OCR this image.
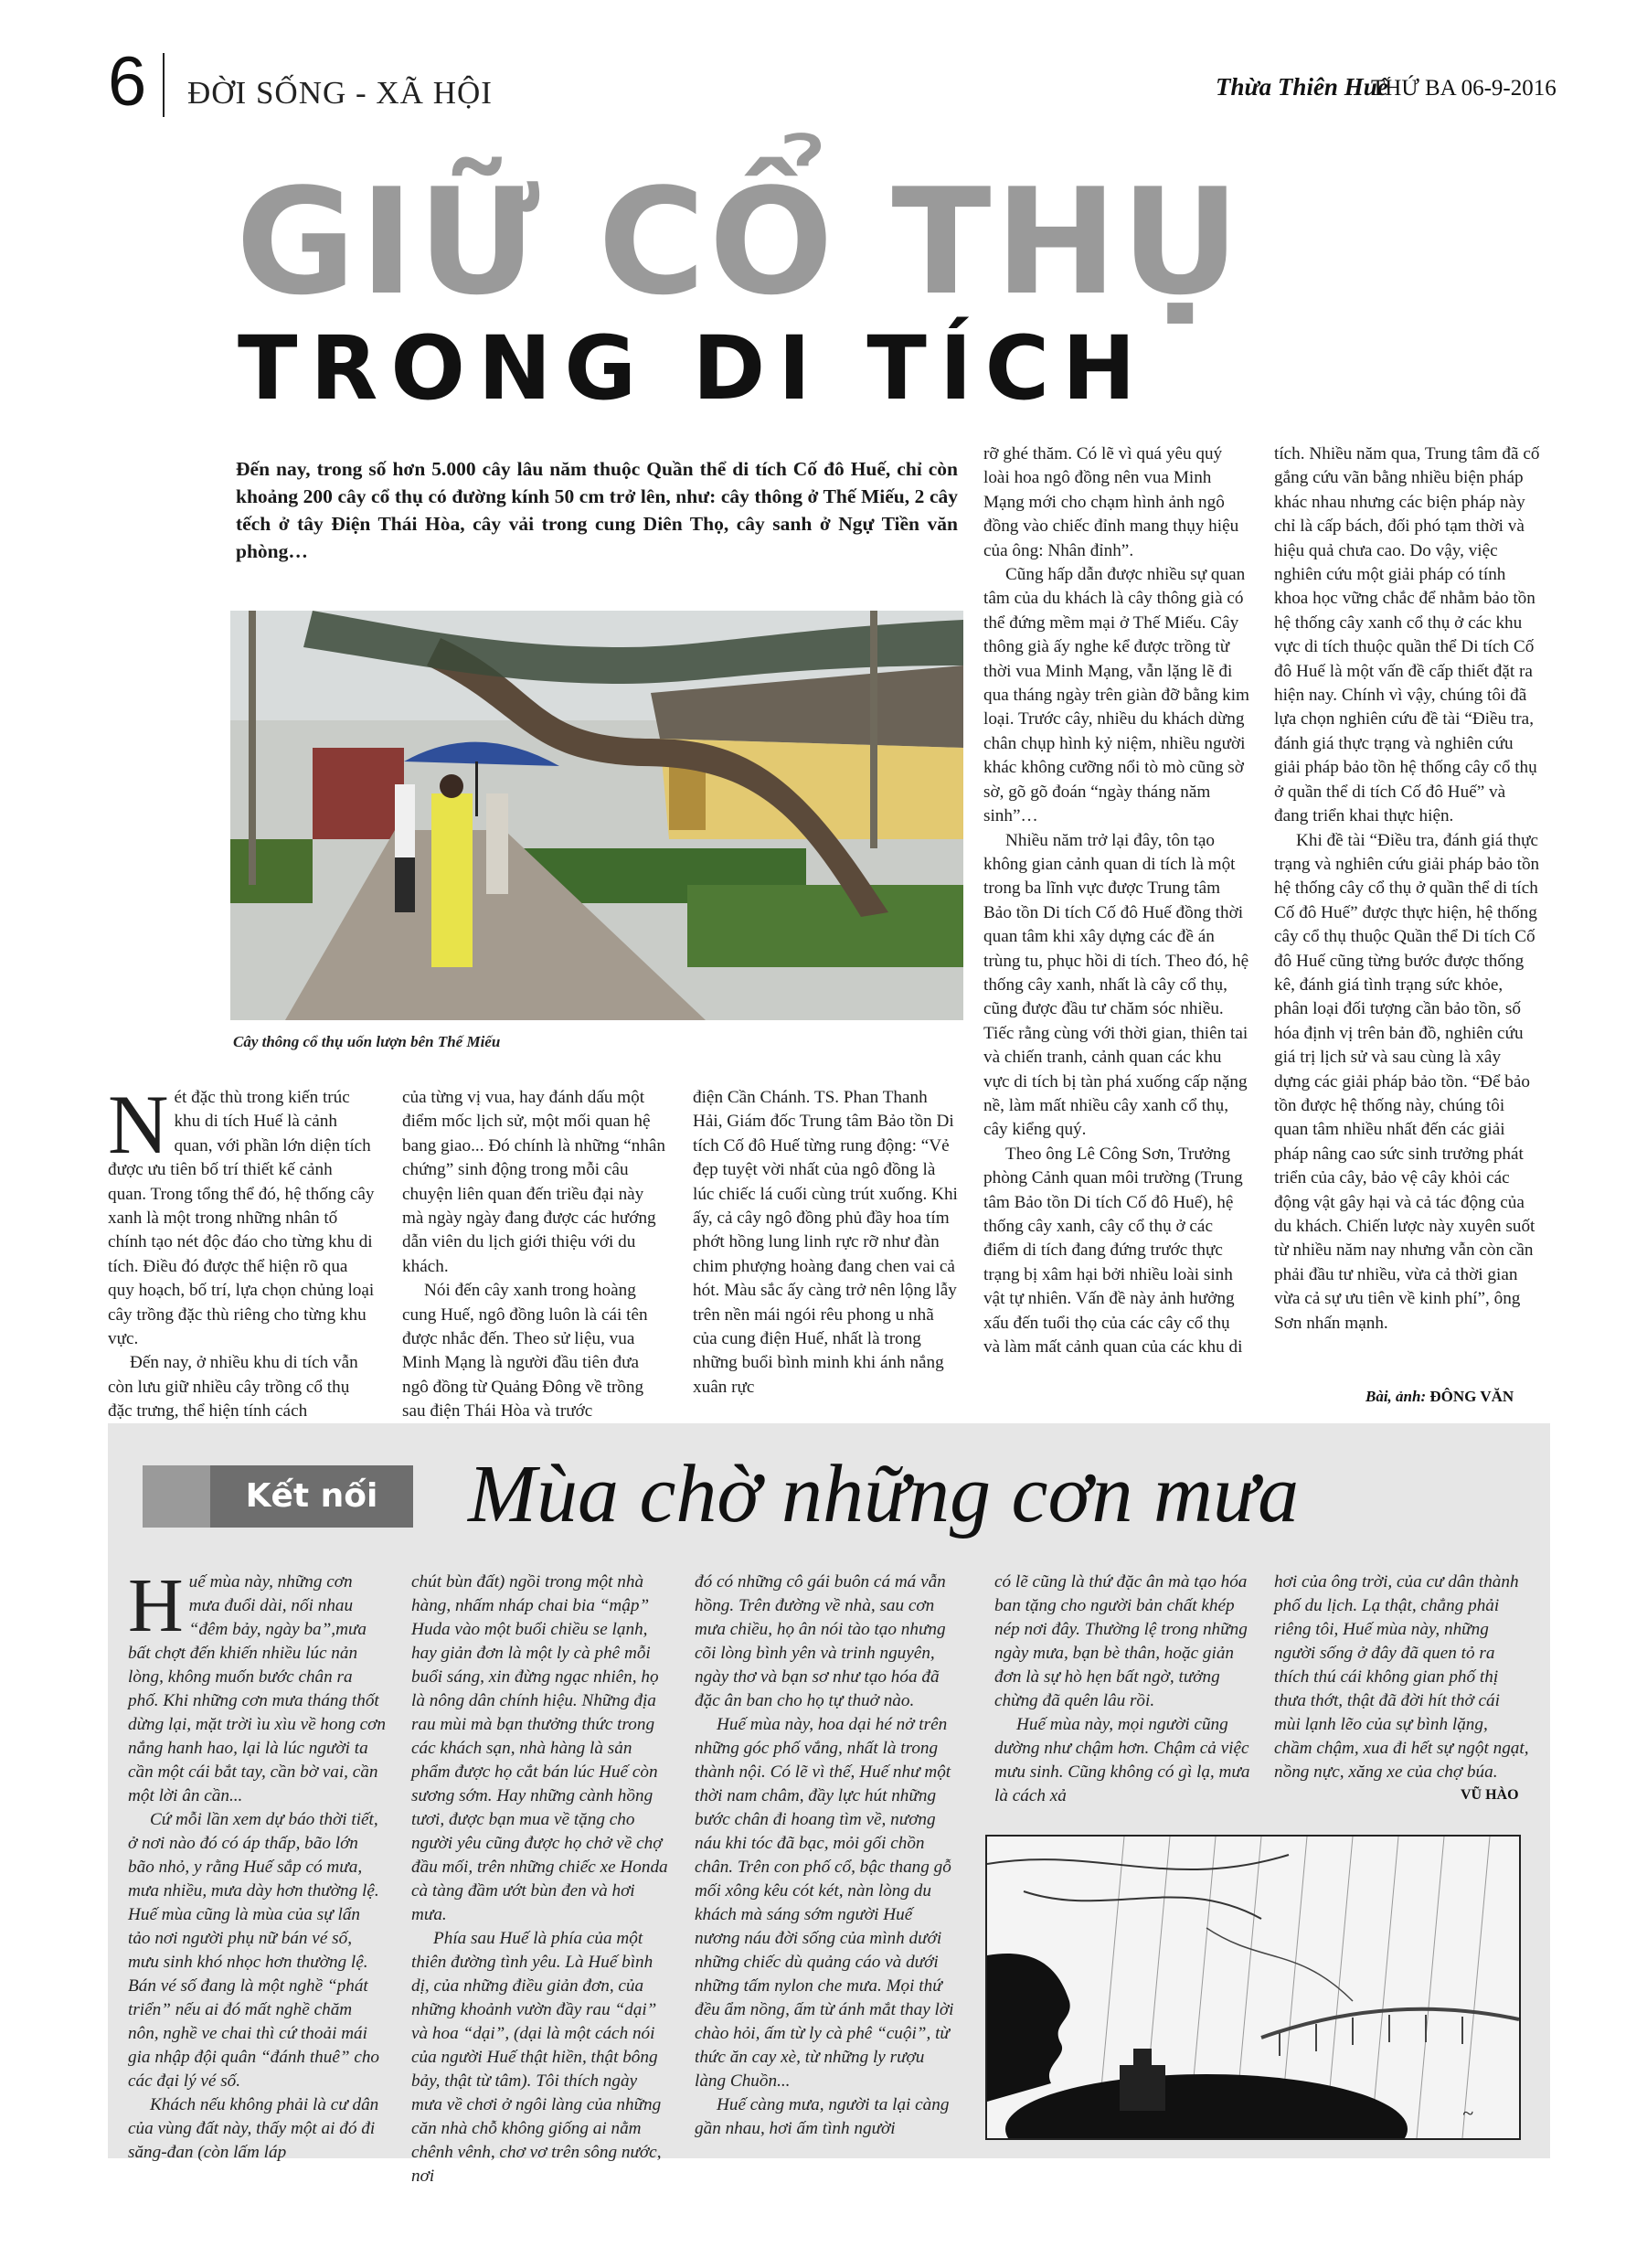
6 ĐỜI SỐNG - XÃ HỘI	Thừa Thiên Huế
THỨ BA 06-9-2016
GIỮ CỔ THỤ
TRONG DI TÍCH
Đến nay, trong số hơn 5.000 cây lâu năm thuộc Quần thể di tích Cố đô Huế, chỉ còn khoảng 200 cây cổ thụ có đường kính 50 cm trở lên, như: cây thông ở Thế Miếu, 2 cây tếch ở tây Điện Thái Hòa, cây vải trong cung Diên Thọ, cây sanh ở Ngự Tiền văn phòng…
Cây thông cổ thụ uốn lượn bên Thế Miếu

Nét đặc thù trong kiến trúc khu di tích Huế là cảnh quan, với phần lớn diện tích được ưu tiên bố trí thiết kế cảnh quan. Trong tổng thể đó, hệ thống cây xanh là một trong những nhân tố chính tạo nét độc đáo cho từng khu di tích. Điều đó được thể hiện rõ qua quy hoạch, bố trí, lựa chọn chủng loại cây trồng đặc thù riêng cho từng khu vực.

Đến nay, ở nhiều khu di tích vẫn còn lưu giữ nhiều cây trồng cổ thụ đặc trưng, thể hiện tính cách

của từng vị vua, hay đánh dấu một điểm mốc lịch sử, một mối quan hệ bang giao... Đó chính là những “nhân chứng” sinh động trong mỗi câu chuyện liên quan đến triều đại này mà ngày ngày đang được các hướng dẫn viên du lịch giới thiệu với du khách.

Nói đến cây xanh trong hoàng cung Huế, ngô đồng luôn là cái tên được nhắc đến. Theo sử liệu, vua Minh Mạng là người đầu tiên đưa ngô đồng từ Quảng Đông về trồng sau điện Thái Hòa và trước

điện Cần Chánh. TS. Phan Thanh Hải, Giám đốc Trung tâm Bảo tồn Di tích Cố đô Huế từng rung động: “Vẻ đẹp tuyệt vời nhất của ngô đồng là lúc chiếc lá cuối cùng trút xuống. Khi ấy, cả cây ngô đồng phủ đầy hoa tím phớt hồng lung linh rực rỡ như đàn chim phượng hoàng đang chen vai cả hót. Màu sắc ấy càng trở nên lộng lẫy trên nền mái ngói rêu phong u nhã của cung điện Huế, nhất là trong những buổi bình minh khi ánh nắng xuân rực

rỡ ghé thăm. Có lẽ vì quá yêu quý loài hoa ngô đồng nên vua Minh Mạng mới cho chạm hình ảnh ngô đồng vào chiếc đỉnh mang thụy hiệu của ông: Nhân đỉnh”.

Cũng hấp dẫn được nhiều sự quan tâm của du khách là cây thông già có thể đứng mềm mại ở Thế Miếu. Cây thông già ấy nghe kể được trồng từ thời vua Minh Mạng, vẫn lặng lẽ đi qua tháng ngày trên giàn đỡ bằng kim loại. Trước cây, nhiều du khách dừng chân chụp hình kỷ niệm, nhiều người khác không cưỡng nổi tò mò cũng sờ sờ, gõ gõ đoán “ngày tháng năm sinh”…

Nhiều năm trở lại đây, tôn tạo không gian cảnh quan di tích là một trong ba lĩnh vực được Trung tâm Bảo tồn Di tích Cố đô Huế đồng thời quan tâm khi xây dựng các đề án trùng tu, phục hồi di tích. Theo đó, hệ thống cây xanh, nhất là cây cổ thụ, cũng được đầu tư chăm sóc nhiều. Tiếc rằng cùng với thời gian, thiên tai và chiến tranh, cảnh quan các khu vực di tích bị tàn phá xuống cấp nặng nề, làm mất nhiều cây xanh cổ thụ, cây kiểng quý.

Theo ông Lê Công Sơn, Trưởng phòng Cảnh quan môi trường (Trung tâm Bảo tồn Di tích Cố đô Huế), hệ thống cây xanh, cây cổ thụ ở các điểm di tích đang đứng trước thực trạng bị xâm hại bởi nhiều loài sinh vật tự nhiên. Vấn đề này ảnh hưởng xấu đến tuổi thọ của các cây cổ thụ và làm mất cảnh quan của các khu di

tích. Nhiều năm qua, Trung tâm đã cố gắng cứu vãn bằng nhiều biện pháp khác nhau nhưng các biện pháp này chỉ là cấp bách, đối phó tạm thời và hiệu quả chưa cao. Do vậy, việc nghiên cứu một giải pháp có tính khoa học vững chắc để nhằm bảo tồn hệ thống cây xanh cổ thụ ở các khu vực di tích thuộc quần thể Di tích Cố đô Huế là một vấn đề cấp thiết đặt ra hiện nay. Chính vì vậy, chúng tôi đã lựa chọn nghiên cứu đề tài “Điều tra, đánh giá thực trạng và nghiên cứu giải pháp bảo tồn hệ thống cây cổ thụ ở quần thể di tích Cố đô Huế” và đang triển khai thực hiện.

Khi đề tài “Điều tra, đánh giá thực trạng và nghiên cứu giải pháp bảo tồn hệ thống cây cổ thụ ở quần thể di tích Cố đô Huế” được thực hiện, hệ thống cây cổ thụ thuộc Quần thể Di tích Cố đô Huế cũng từng bước được thống kê, đánh giá tình trạng sức khỏe, phân loại đối tượng cần bảo tồn, số hóa định vị trên bản đồ, nghiên cứu giá trị lịch sử và sau cùng là xây dựng các giải pháp bảo tồn. “Để bảo tồn được hệ thống này, chúng tôi quan tâm nhiều nhất đến các giải pháp nâng cao sức sinh trưởng phát triển của cây, bảo vệ cây khỏi các động vật gây hại và cả tác động của du khách. Chiến lược này xuyên suốt từ nhiều năm nay nhưng vẫn còn cần phải đầu tư nhiều, vừa cả thời gian vừa cả sự ưu tiên về kinh phí”, ông Sơn nhấn mạnh.

Bài, ảnh: ĐÔNG VĂN
Kết nối	Mùa chờ những cơn mưa

Huế mùa này, những cơn mưa đuổi dài, nối nhau “đêm bảy, ngày ba”,mưa bất chợt đến khiến nhiều lúc nản lòng, không muốn bước chân ra phố. Khi những cơn mưa tháng thốt dừng lại, mặt trời ìu xìu về hong cơn nắng hanh hao, lại là lúc người ta cần một cái bắt tay, cần bờ vai, cần một lời ân cần...

Cứ mỗi lần xem dự báo thời tiết, ở nơi nào đó có áp thấp, bão lớn bão nhỏ, y rằng Huế sắp có mưa, mưa nhiều, mưa dày hơn thường lệ. Huế mùa cũng là mùa của sự lẩn tảo nơi người phụ nữ bán vé số, mưu sinh khó nhọc hơn thường lệ. Bán vé số đang là một nghề “phát triển” nếu ai đó mất nghề chăm nôn, nghề ve chai thì cứ thoải mái gia nhập đội quân “đánh thuê” cho các đại lý vé số.

Khách nếu không phải là cư dân của vùng đất này, thấy một ai đó đi săng-đan (còn lấm láp

chút bùn đất) ngồi trong một nhà hàng, nhấm nháp chai bia “mập” Huda vào một buổi chiều se lạnh, hay giản đơn là một ly cà phê mỗi buổi sáng, xin đừng ngạc nhiên, họ là nông dân chính hiệu. Những địa rau mùi mà bạn thưởng thức trong các khách sạn, nhà hàng là sản phẩm được họ cắt bán lúc Huế còn sương sớm. Hay những cành hồng tươi, được bạn mua về tặng cho người yêu cũng được họ chở về chợ đầu mối, trên những chiếc xe Honda cà tàng đầm ướt bùn đen và hơi mưa.

Phía sau Huế là phía của một thiên đường tình yêu. Là Huế bình dị, của những điều giản đơn, của những khoảnh vườn đầy rau “dại” và hoa “dại”, (dại là một cách nói của người Huế thật hiền, thật bông bảy, thật từ tâm). Tôi thích ngày mưa về chơi ở ngôi làng của những căn nhà chỗ không giống ai nằm chênh vênh, chơ vơ trên sông nước, nơi

đó có những cô gái buôn cá má vẫn hồng. Trên đường về nhà, sau cơn mưa chiều, họ ân nói tào tạo nhưng cõi lòng bình yên và trinh nguyên, ngày thơ và bạn sơ như tạo hóa đã đặc ân ban cho họ tự thuở nào.

Huế mùa này, hoa dại hé nở trên những góc phố vắng, nhất là trong thành nội. Có lẽ vì thế, Huế như một thời nam châm, đầy lực hút những bước chân đi hoang tìm về, nương náu khi tóc đã bạc, mỏi gối chồn chân. Trên con phố cổ, bậc thang gỗ mối xông kêu cót két, nàn lòng du khách mà sáng sớm người Huế nương náu đời sống của mình dưới những chiếc dù quảng cáo và dưới những tấm nylon che mưa. Mọi thứ đều ẩm nồng, ấm từ ánh mắt thay lời chào hỏi, ấm từ ly cà phê “cuội”, từ thức ăn cay xè, từ những ly rượu làng Chuồn...

Huế càng mưa, người ta lại càng gần nhau, hơi ấm tình người

có lẽ cũng là thứ đặc ân mà tạo hóa ban tặng cho người bản chất khép nép nơi đây. Thường lệ trong những ngày mưa, bạn bè thân, hoặc giản đơn là sự hò hẹn bất ngờ, tưởng chừng đã quên lâu rồi.

Huế mùa này, mọi người cũng dường như chậm hơn. Chậm cả việc mưu sinh. Cũng không có gì lạ, mưa là cách xả

hơi của ông trời, của cư dân thành phố du lịch. Lạ thật, chẳng phải riêng tôi, Huế mùa này, những người sống ở đây đã quen tỏ ra thích thú cái không gian phố thị thưa thớt, thật đã đời hít thở cái mùi lạnh lẽo của sự bình lặng, chầm chậm, xua đi hết sự ngột ngạt, nồng nực, xăng xe của chợ búa.

VŨ HÀO
~
